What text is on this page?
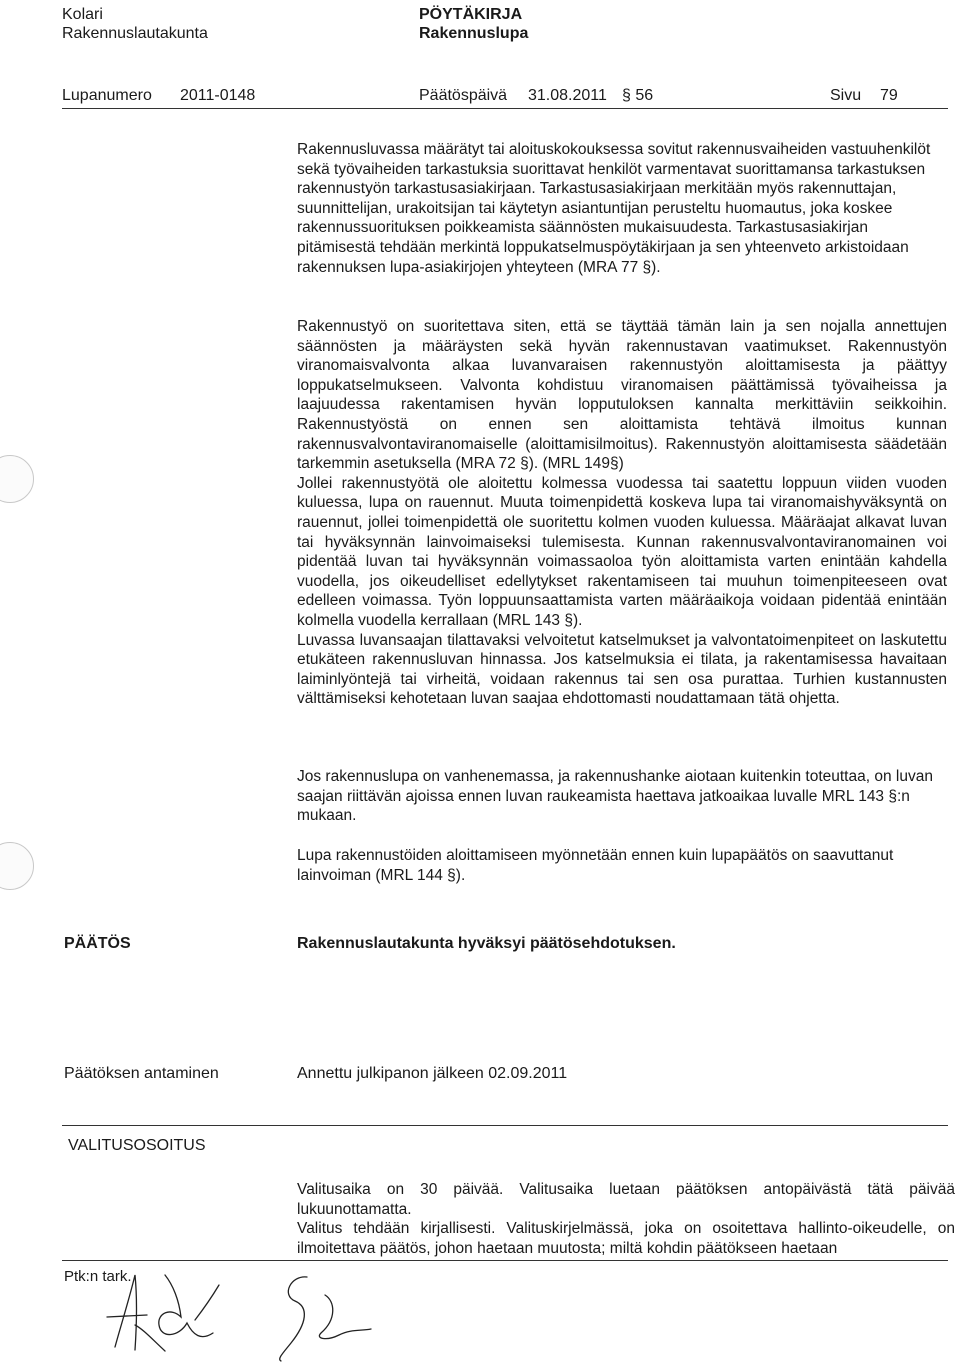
Kolari
Rakennuslautakunta
PÖYTÄKIRJA
Rakennuslupa
Lupanumero 2011-0148	Päätöspäivä 31.08.2011 § 56	Sivu 79

Rakennusluvassa määrätyt tai aloituskokouksessa sovitut rakennusvaiheiden vastuuhenkilöt sekä työvaiheiden tarkastuksia suorittavat henkilöt varmentavat suorittamansa tarkastuksen rakennustyön tarkastusasiakirjaan. Tarkastusasiakirjaan merkitään myös rakennuttajan, suunnittelijan, urakoitsijan tai käytetyn asiantuntijan perusteltu huomautus, joka koskee rakennussuorituksen poikkeamista säännösten mukaisuudesta. Tarkastusasiakirjan pitämisestä tehdään merkintä loppukatselmuspöytäkirjaan ja sen yhteenveto arkistoidaan rakennuksen lupa-asiakirjojen yhteyteen (MRA 77 §).

Rakennustyö on suoritettava siten, että se täyttää tämän lain ja sen nojalla annettujen säännösten ja määräysten sekä hyvän rakennustavan vaatimukset. Rakennustyön viranomaisvalvonta alkaa luvanvaraisen rakennustyön aloittamisesta ja päättyy loppukatselmukseen. Valvonta kohdistuu viranomaisen päättämissä työvaiheissa ja laajuudessa rakentamisen hyvän lopputuloksen kannalta merkittäviin seikkoihin. Rakennustyöstä on ennen sen aloittamista tehtävä ilmoitus kunnan rakennusvalvontaviranomaiselle (aloittamisilmoitus). Rakennustyön aloittamisesta säädetään tarkemmin asetuksella (MRA 72 §). (MRL 149§)

Jollei rakennustyötä ole aloitettu kolmessa vuodessa tai saatettu loppuun viiden vuoden kuluessa, lupa on rauennut. Muuta toimenpidettä koskeva lupa tai viranomaishyväksyntä on rauennut, jollei toimenpidettä ole suoritettu kolmen vuoden kuluessa. Määräajat alkavat luvan tai hyväksynnän lainvoimaiseksi tulemisesta. Kunnan rakennusvalvontaviranomainen voi pidentää luvan tai hyväksynnän voimassaoloa työn aloittamista varten enintään kahdella vuodella, jos oikeudelliset edellytykset rakentamiseen tai muuhun toimenpiteeseen ovat edelleen voimassa. Työn loppuunsaattamista varten määräaikoja voidaan pidentää enintään kolmella vuodella kerrallaan (MRL 143 §).

Luvassa luvansaajan tilattavaksi velvoitetut katselmukset ja valvontatoimenpiteet on laskutettu etukäteen rakennusluvan hinnassa. Jos katselmuksia ei tilata, ja rakentamisessa havaitaan laiminlyöntejä tai virheitä, voidaan rakennus tai sen osa purattaa. Turhien kustannusten välttämiseksi kehotetaan luvan saajaa ehdottomasti noudattamaan tätä ohjetta.

Jos rakennuslupa on vanhenemassa, ja rakennushanke aiotaan kuitenkin toteuttaa, on luvan saajan riittävän ajoissa ennen luvan raukeamista haettava jatkoaikaa luvalle MRL 143 §:n mukaan.

Lupa rakennustöiden aloittamiseen myönnetään ennen kuin lupapäätös on saavuttanut lainvoiman (MRL 144 §).

PÄÄTÖS	Rakennuslautakunta hyväksyi päätösehdotuksen.
Päätöksen antaminen	Annettu julkipanon jälkeen 02.09.2011
VALITUSOSOITUS

Valitusaika on 30 päivää. Valitusaika luetaan päätöksen antopäivästä tätä päivää lukuunottamatta.

Valitus tehdään kirjallisesti. Valituskirjelmässä, joka on osoitettava hallinto-oikeudelle, on ilmoitettava päätös, johon haetaan muutosta; miltä kohdin päätökseen haetaan

Ptk:n tark.
